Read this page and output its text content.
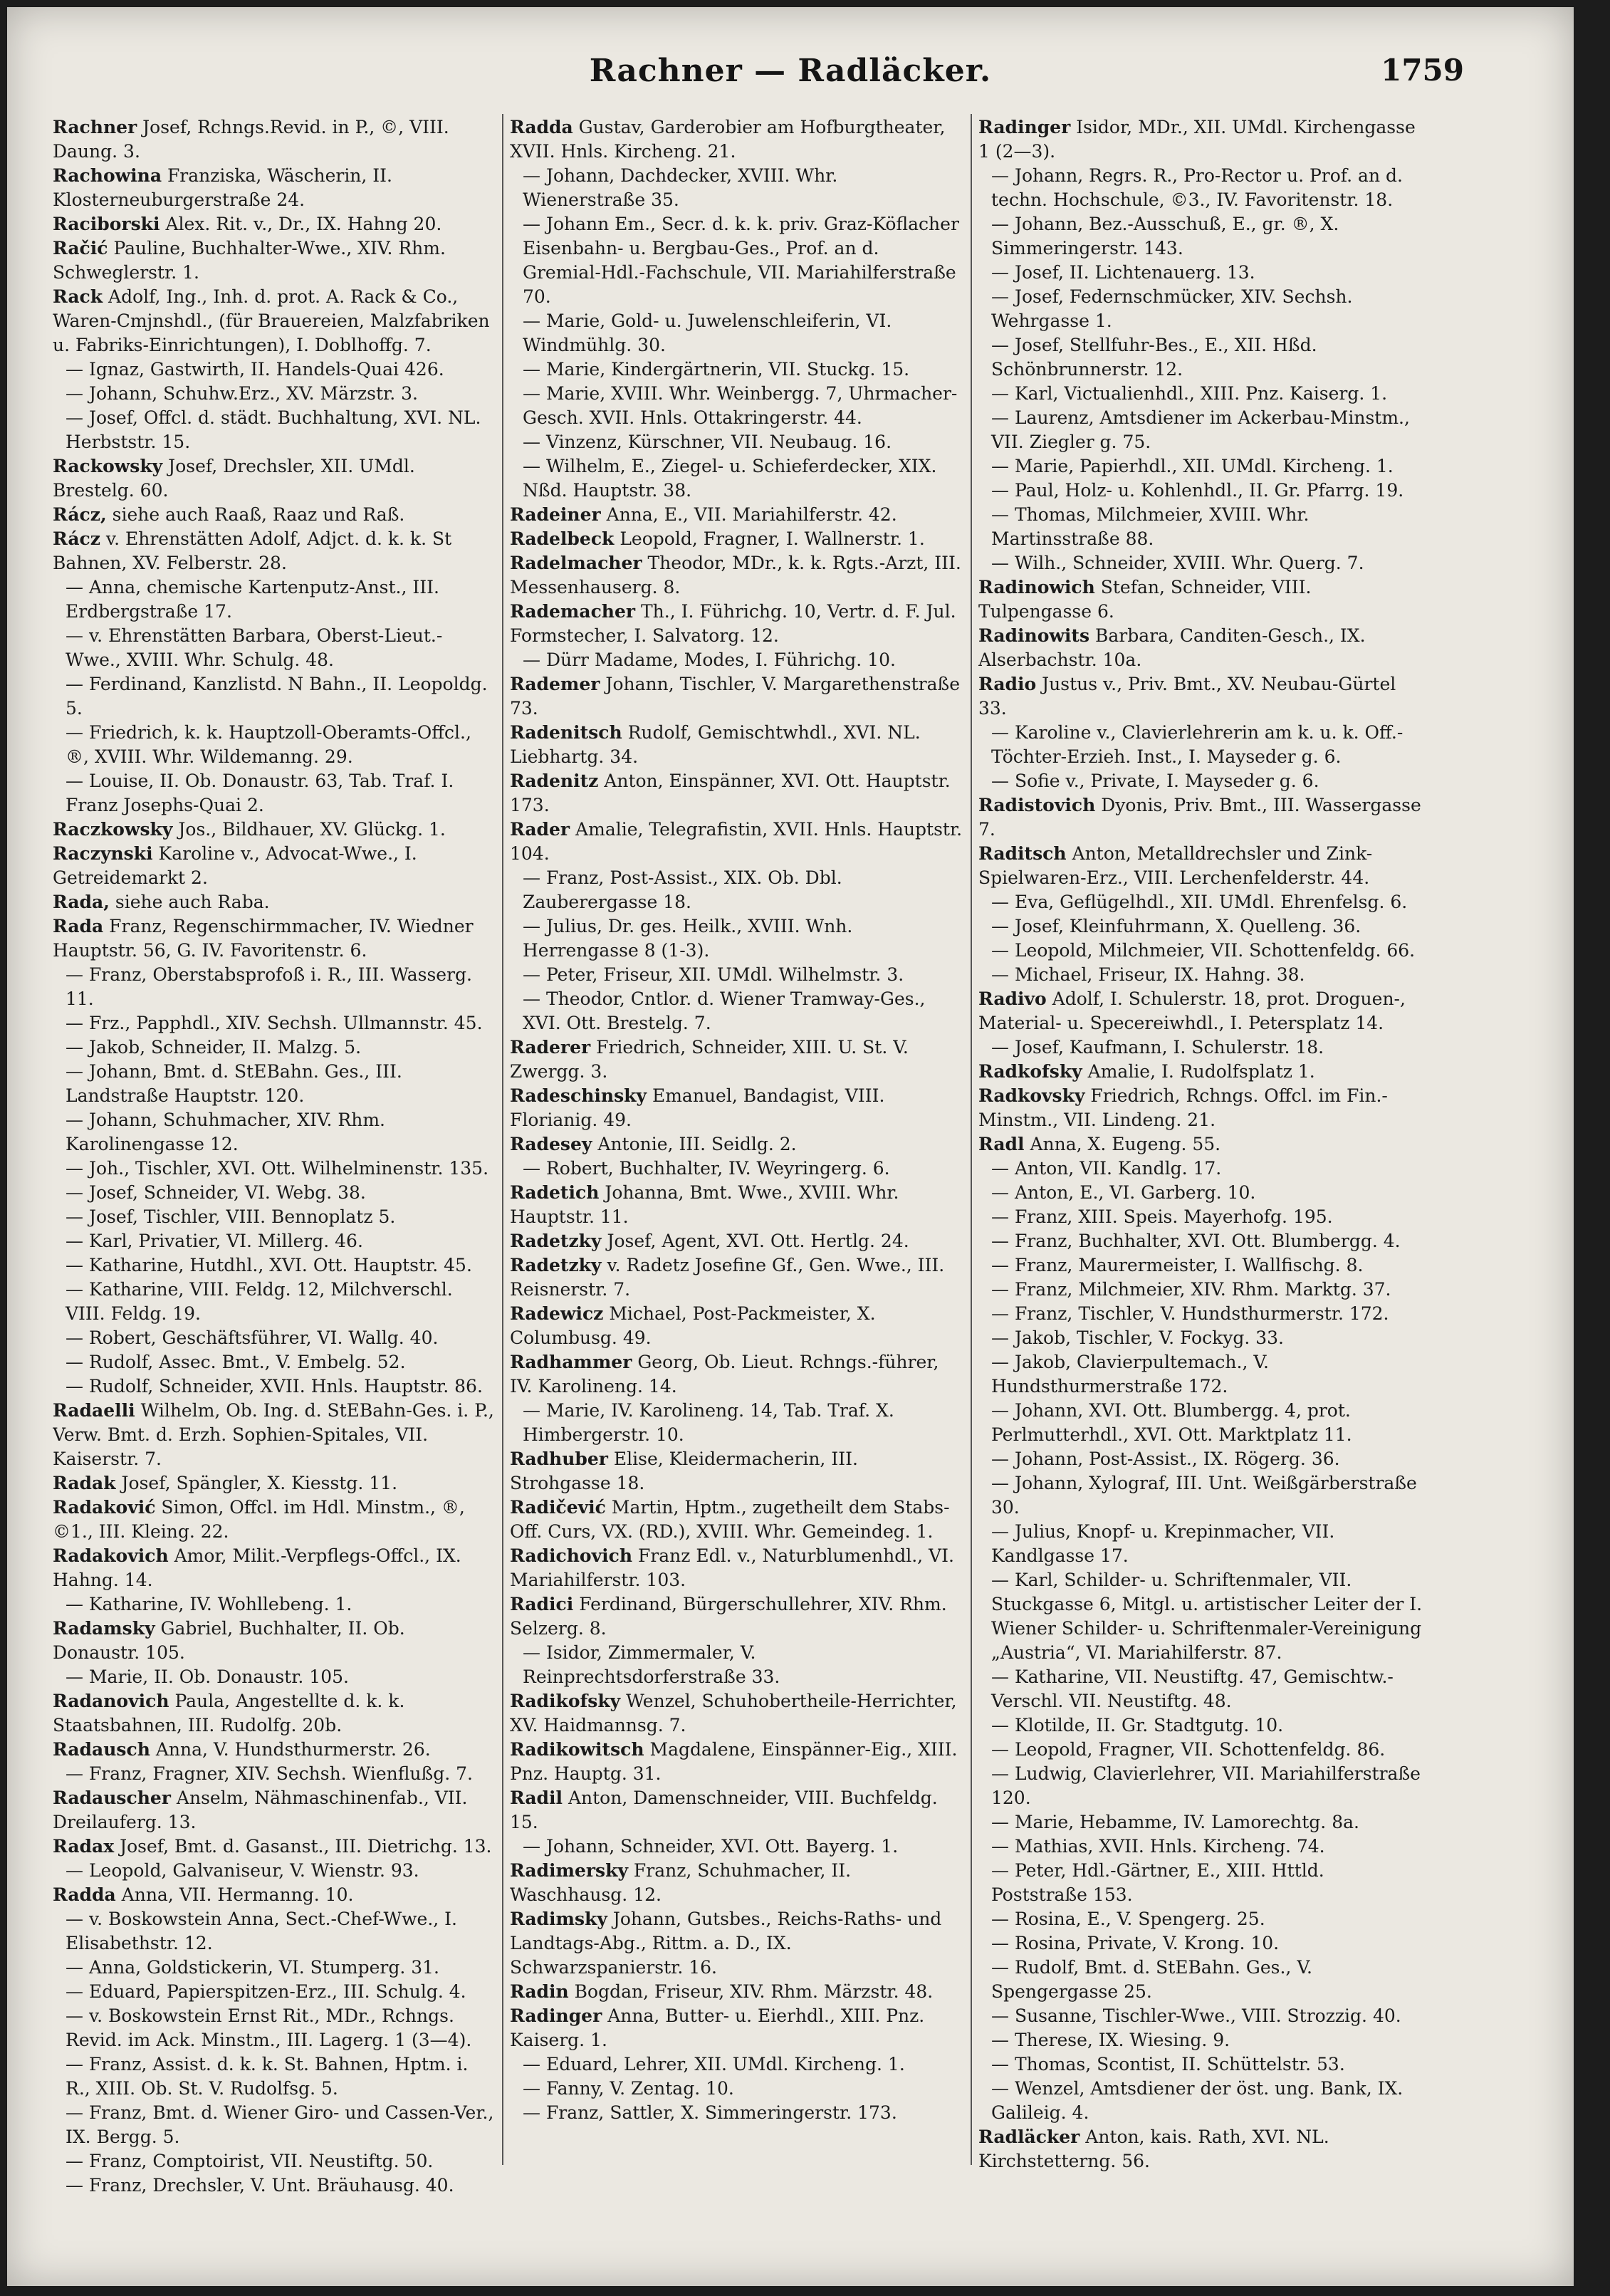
Rachner — Radläcker.	1759

Rachner Josef, Rchngs.Revid. in P., ©, VIII. Daung. 3.

Rachowina Franziska, Wäscherin, II. Klosterneuburgerstraße 24.

Raciborski Alex. Rit. v., Dr., IX. Hahng 20.

Račić Pauline, Buchhalter-Wwe., XIV. Rhm. Schweglerstr. 1.

Rack Adolf, Ing., Inh. d. prot. A. Rack & Co., Waren-Cmjnshdl., (für Brauereien, Malzfabriken u. Fabriks-Einrichtungen), I. Doblhoffg. 7.

— Ignaz, Gastwirth, II. Handels-Quai 426.

— Johann, Schuhw.Erz., XV. Märzstr. 3.

— Josef, Offcl. d. städt. Buchhaltung, XVI. NL. Herbststr. 15.

Rackowsky Josef, Drechsler, XII. UMdl. Brestelg. 60.

Rácz, siehe auch Raaß, Raaz und Raß.

Rácz v. Ehrenstätten Adolf, Adjct. d. k. k. St Bahnen, XV. Felberstr. 28.

— Anna, chemische Kartenputz-Anst., III. Erdbergstraße 17.

— v. Ehrenstätten Barbara, Oberst-Lieut.-Wwe., XVIII. Whr. Schulg. 48.

— Ferdinand, Kanzlistd. N Bahn., II. Leopoldg. 5.

— Friedrich, k. k. Hauptzoll-Oberamts-Offcl., ®, XVIII. Whr. Wildemanng. 29.

— Louise, II. Ob. Donaustr. 63, Tab. Traf. I. Franz Josephs-Quai 2.

Raczkowsky Jos., Bildhauer, XV. Glückg. 1.

Raczynski Karoline v., Advocat-Wwe., I. Getreidemarkt 2.

Rada, siehe auch Raba.

Rada Franz, Regenschirmmacher, IV. Wiedner Hauptstr. 56, G. IV. Favoritenstr. 6.

— Franz, Oberstabsprofoß i. R., III. Wasserg. 11.

— Frz., Papphdl., XIV. Sechsh. Ullmannstr. 45.

— Jakob, Schneider, II. Malzg. 5.

— Johann, Bmt. d. StEBahn. Ges., III. Landstraße Hauptstr. 120.

— Johann, Schuhmacher, XIV. Rhm. Karolinengasse 12.

— Joh., Tischler, XVI. Ott. Wilhelminenstr. 135.

— Josef, Schneider, VI. Webg. 38.

— Josef, Tischler, VIII. Bennoplatz 5.

— Karl, Privatier, VI. Millerg. 46.

— Katharine, Hutdhl., XVI. Ott. Hauptstr. 45.

— Katharine, VIII. Feldg. 12, Milchverschl. VIII. Feldg. 19.

— Robert, Geschäftsführer, VI. Wallg. 40.

— Rudolf, Assec. Bmt., V. Embelg. 52.

— Rudolf, Schneider, XVII. Hnls. Hauptstr. 86.

Radaelli Wilhelm, Ob. Ing. d. StEBahn-Ges. i. P., Verw. Bmt. d. Erzh. Sophien-Spitales, VII. Kaiserstr. 7.

Radak Josef, Spängler, X. Kiesstg. 11.

Radaković Simon, Offcl. im Hdl. Minstm., ®, ©1., III. Kleing. 22.

Radakovich Amor, Milit.-Verpflegs-Offcl., IX. Hahng. 14.

— Katharine, IV. Wohllebeng. 1.

Radamsky Gabriel, Buchhalter, II. Ob. Donaustr. 105.

— Marie, II. Ob. Donaustr. 105.

Radanovich Paula, Angestellte d. k. k. Staatsbahnen, III. Rudolfg. 20b.

Radausch Anna, V. Hundsthurmerstr. 26.

— Franz, Fragner, XIV. Sechsh. Wienflußg. 7.

Radauscher Anselm, Nähmaschinenfab., VII. Dreilauferg. 13.

Radax Josef, Bmt. d. Gasanst., III. Dietrichg. 13.

— Leopold, Galvaniseur, V. Wienstr. 93.

Radda Anna, VII. Hermanng. 10.

— v. Boskowstein Anna, Sect.-Chef-Wwe., I. Elisabethstr. 12.

— Anna, Goldstickerin, VI. Stumperg. 31.

— Eduard, Papierspitzen-Erz., III. Schulg. 4.

— v. Boskowstein Ernst Rit., MDr., Rchngs. Revid. im Ack. Minstm., III. Lagerg. 1 (3—4).

— Franz, Assist. d. k. k. St. Bahnen, Hptm. i. R., XIII. Ob. St. V. Rudolfsg. 5.

— Franz, Bmt. d. Wiener Giro- und Cassen-Ver., IX. Bergg. 5.

— Franz, Comptoirist, VII. Neustiftg. 50.

— Franz, Drechsler, V. Unt. Bräuhausg. 40.

Radda Gustav, Garderobier am Hofburgtheater, XVII. Hnls. Kircheng. 21.

— Johann, Dachdecker, XVIII. Whr. Wienerstraße 35.

— Johann Em., Secr. d. k. k. priv. Graz-Köflacher Eisenbahn- u. Bergbau-Ges., Prof. an d. Gremial-Hdl.-Fachschule, VII. Mariahilferstraße 70.

— Marie, Gold- u. Juwelenschleiferin, VI. Windmühlg. 30.

— Marie, Kindergärtnerin, VII. Stuckg. 15.

— Marie, XVIII. Whr. Weinbergg. 7, Uhrmacher-Gesch. XVII. Hnls. Ottakringerstr. 44.

— Vinzenz, Kürschner, VII. Neubaug. 16.

— Wilhelm, E., Ziegel- u. Schieferdecker, XIX. Nßd. Hauptstr. 38.

Radeiner Anna, E., VII. Mariahilferstr. 42.

Radelbeck Leopold, Fragner, I. Wallnerstr. 1.

Radelmacher Theodor, MDr., k. k. Rgts.-Arzt, III. Messenhauserg. 8.

Rademacher Th., I. Führichg. 10, Vertr. d. F. Jul. Formstecher, I. Salvatorg. 12.

— Dürr Madame, Modes, I. Führichg. 10.

Rademer Johann, Tischler, V. Margarethenstraße 73.

Radenitsch Rudolf, Gemischtwhdl., XVI. NL. Liebhartg. 34.

Radenitz Anton, Einspänner, XVI. Ott. Hauptstr. 173.

Rader Amalie, Telegrafistin, XVII. Hnls. Hauptstr. 104.

— Franz, Post-Assist., XIX. Ob. Dbl. Zauberergasse 18.

— Julius, Dr. ges. Heilk., XVIII. Wnh. Herrengasse 8 (1-3).

— Peter, Friseur, XII. UMdl. Wilhelmstr. 3.

— Theodor, Cntlor. d. Wiener Tramway-Ges., XVI. Ott. Brestelg. 7.

Raderer Friedrich, Schneider, XIII. U. St. V. Zwergg. 3.

Radeschinsky Emanuel, Bandagist, VIII. Florianig. 49.

Radesey Antonie, III. Seidlg. 2.

— Robert, Buchhalter, IV. Weyringerg. 6.

Radetich Johanna, Bmt. Wwe., XVIII. Whr. Hauptstr. 11.

Radetzky Josef, Agent, XVI. Ott. Hertlg. 24.

Radetzky v. Radetz Josefine Gf., Gen. Wwe., III. Reisnerstr. 7.

Radewicz Michael, Post-Packmeister, X. Columbusg. 49.

Radhammer Georg, Ob. Lieut. Rchngs.-führer, IV. Karolineng. 14.

— Marie, IV. Karolineng. 14, Tab. Traf. X. Himbergerstr. 10.

Radhuber Elise, Kleidermacherin, III. Strohgasse 18.

Radičević Martin, Hptm., zugetheilt dem Stabs-Off. Curs, VX. (RD.), XVIII. Whr. Gemeindeg. 1.

Radichovich Franz Edl. v., Naturblumenhdl., VI. Mariahilferstr. 103.

Radici Ferdinand, Bürgerschullehrer, XIV. Rhm. Selzerg. 8.

— Isidor, Zimmermaler, V. Reinprechtsdorferstraße 33.

Radikofsky Wenzel, Schuhobertheile-Herrichter, XV. Haidmannsg. 7.

Radikowitsch Magdalene, Einspänner-Eig., XIII. Pnz. Hauptg. 31.

Radil Anton, Damenschneider, VIII. Buchfeldg. 15.

— Johann, Schneider, XVI. Ott. Bayerg. 1.

Radimersky Franz, Schuhmacher, II. Waschhausg. 12.

Radimsky Johann, Gutsbes., Reichs-Raths- und Landtags-Abg., Rittm. a. D., IX. Schwarzspanierstr. 16.

Radin Bogdan, Friseur, XIV. Rhm. Märzstr. 48.

Radinger Anna, Butter- u. Eierhdl., XIII. Pnz. Kaiserg. 1.

— Eduard, Lehrer, XII. UMdl. Kircheng. 1.

— Fanny, V. Zentag. 10.

— Franz, Sattler, X. Simmeringerstr. 173.

Radinger Isidor, MDr., XII. UMdl. Kirchengasse 1 (2—3).

— Johann, Regrs. R., Pro-Rector u. Prof. an d. techn. Hochschule, ©3., IV. Favoritenstr. 18.

— Johann, Bez.-Ausschuß, E., gr. ®, X. Simmeringerstr. 143.

— Josef, II. Lichtenauerg. 13.

— Josef, Federnschmücker, XIV. Sechsh. Wehrgasse 1.

— Josef, Stellfuhr-Bes., E., XII. Hßd. Schönbrunnerstr. 12.

— Karl, Victualienhdl., XIII. Pnz. Kaiserg. 1.

— Laurenz, Amtsdiener im Ackerbau-Minstm., VII. Ziegler g. 75.

— Marie, Papierhdl., XII. UMdl. Kircheng. 1.

— Paul, Holz- u. Kohlenhdl., II. Gr. Pfarrg. 19.

— Thomas, Milchmeier, XVIII. Whr. Martinsstraße 88.

— Wilh., Schneider, XVIII. Whr. Querg. 7.

Radinowich Stefan, Schneider, VIII. Tulpengasse 6.

Radinowits Barbara, Canditen-Gesch., IX. Alserbachstr. 10a.

Radio Justus v., Priv. Bmt., XV. Neubau-Gürtel 33.

— Karoline v., Clavierlehrerin am k. u. k. Off.-Töchter-Erzieh. Inst., I. Mayseder g. 6.

— Sofie v., Private, I. Mayseder g. 6.

Radistovich Dyonis, Priv. Bmt., III. Wassergasse 7.

Raditsch Anton, Metalldrechsler und Zink-Spielwaren-Erz., VIII. Lerchenfelderstr. 44.

— Eva, Geflügelhdl., XII. UMdl. Ehrenfelsg. 6.

— Josef, Kleinfuhrmann, X. Quelleng. 36.

— Leopold, Milchmeier, VII. Schottenfeldg. 66.

— Michael, Friseur, IX. Hahng. 38.

Radivo Adolf, I. Schulerstr. 18, prot. Droguen-, Material- u. Specereiwhdl., I. Petersplatz 14.

— Josef, Kaufmann, I. Schulerstr. 18.

Radkofsky Amalie, I. Rudolfsplatz 1.

Radkovsky Friedrich, Rchngs. Offcl. im Fin.-Minstm., VII. Lindeng. 21.

Radl Anna, X. Eugeng. 55.

— Anton, VII. Kandlg. 17.

— Anton, E., VI. Garberg. 10.

— Franz, XIII. Speis. Mayerhofg. 195.

— Franz, Buchhalter, XVI. Ott. Blumbergg. 4.

— Franz, Maurermeister, I. Wallfischg. 8.

— Franz, Milchmeier, XIV. Rhm. Marktg. 37.

— Franz, Tischler, V. Hundsthurmerstr. 172.

— Jakob, Tischler, V. Fockyg. 33.

— Jakob, Clavierpultemach., V. Hundsthurmerstraße 172.

— Johann, XVI. Ott. Blumbergg. 4, prot. Perlmutterhdl., XVI. Ott. Marktplatz 11.

— Johann, Post-Assist., IX. Rögerg. 36.

— Johann, Xylograf, III. Unt. Weißgärberstraße 30.

— Julius, Knopf- u. Krepinmacher, VII. Kandlgasse 17.

— Karl, Schilder- u. Schriftenmaler, VII. Stuckgasse 6, Mitgl. u. artistischer Leiter der I. Wiener Schilder- u. Schriftenmaler-Vereinigung „Austria“, VI. Mariahilferstr. 87.

— Katharine, VII. Neustiftg. 47, Gemischtw.-Verschl. VII. Neustiftg. 48.

— Klotilde, II. Gr. Stadtgutg. 10.

— Leopold, Fragner, VII. Schottenfeldg. 86.

— Ludwig, Clavierlehrer, VII. Mariahilferstraße 120.

— Marie, Hebamme, IV. Lamorechtg. 8a.

— Mathias, XVII. Hnls. Kircheng. 74.

— Peter, Hdl.-Gärtner, E., XIII. Httld. Poststraße 153.

— Rosina, E., V. Spengerg. 25.

— Rosina, Private, V. Krong. 10.

— Rudolf, Bmt. d. StEBahn. Ges., V. Spengergasse 25.

— Susanne, Tischler-Wwe., VIII. Strozzig. 40.

— Therese, IX. Wiesing. 9.

— Thomas, Scontist, II. Schüttelstr. 53.

— Wenzel, Amtsdiener der öst. ung. Bank, IX. Galileig. 4.

Radläcker Anton, kais. Rath, XVI. NL. Kirchstetterng. 56.
